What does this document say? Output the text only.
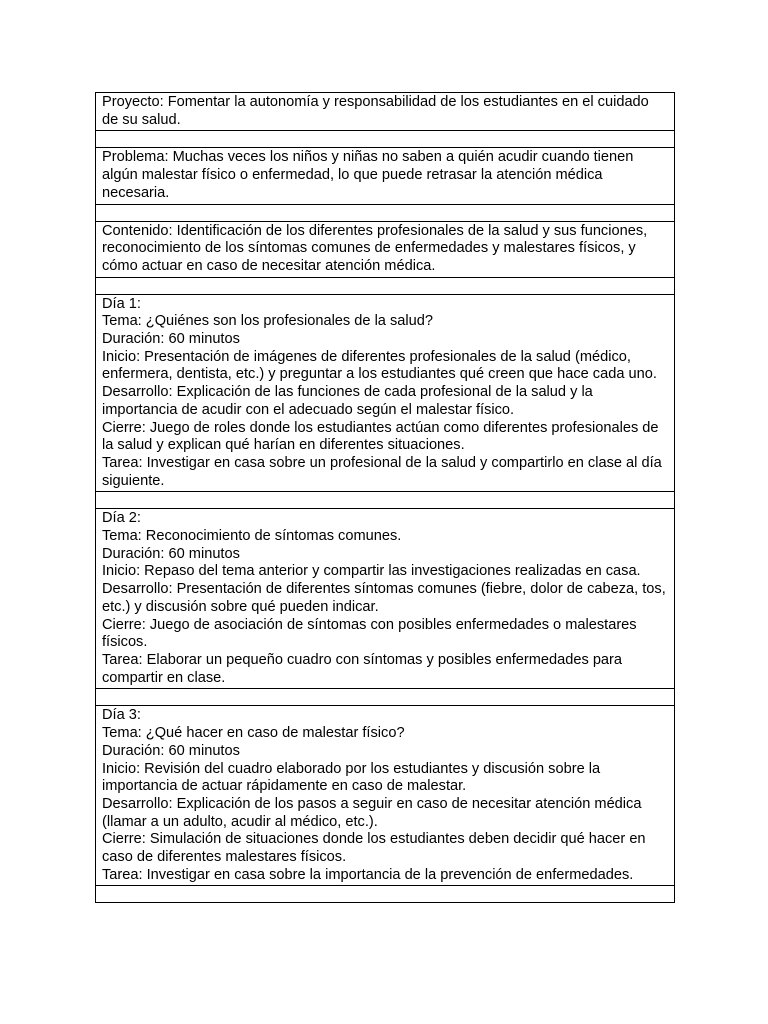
Proyecto: Fomentar la autonomía y responsabilidad de los estudiantes en el cuidado de su salud.

Problema: Muchas veces los niños y niñas no saben a quién acudir cuando tienen algún malestar físico o enfermedad, lo que puede retrasar la atención médica necesaria.

Contenido: Identificación de los diferentes profesionales de la salud y sus funciones, reconocimiento de los síntomas comunes de enfermedades y malestares físicos, y cómo actuar en caso de necesitar atención médica.

Día 1:
Tema: ¿Quiénes son los profesionales de la salud?
Duración: 60 minutos
Inicio: Presentación de imágenes de diferentes profesionales de la salud (médico, enfermera, dentista, etc.) y preguntar a los estudiantes qué creen que hace cada uno.
Desarrollo: Explicación de las funciones de cada profesional de la salud y la importancia de acudir con el adecuado según el malestar físico.
Cierre: Juego de roles donde los estudiantes actúan como diferentes profesionales de la salud y explican qué harían en diferentes situaciones.
Tarea: Investigar en casa sobre un profesional de la salud y compartirlo en clase al día siguiente.

Día 2:
Tema: Reconocimiento de síntomas comunes.
Duración: 60 minutos
Inicio: Repaso del tema anterior y compartir las investigaciones realizadas en casa.
Desarrollo: Presentación de diferentes síntomas comunes (fiebre, dolor de cabeza, tos, etc.) y discusión sobre qué pueden indicar.
Cierre: Juego de asociación de síntomas con posibles enfermedades o malestares físicos.
Tarea: Elaborar un pequeño cuadro con síntomas y posibles enfermedades para compartir en clase.

Día 3:
Tema: ¿Qué hacer en caso de malestar físico?
Duración: 60 minutos
Inicio: Revisión del cuadro elaborado por los estudiantes y discusión sobre la importancia de actuar rápidamente en caso de malestar.
Desarrollo: Explicación de los pasos a seguir en caso de necesitar atención médica (llamar a un adulto, acudir al médico, etc.).
Cierre: Simulación de situaciones donde los estudiantes deben decidir qué hacer en caso de diferentes malestares físicos.
Tarea: Investigar en casa sobre la importancia de la prevención de enfermedades.
